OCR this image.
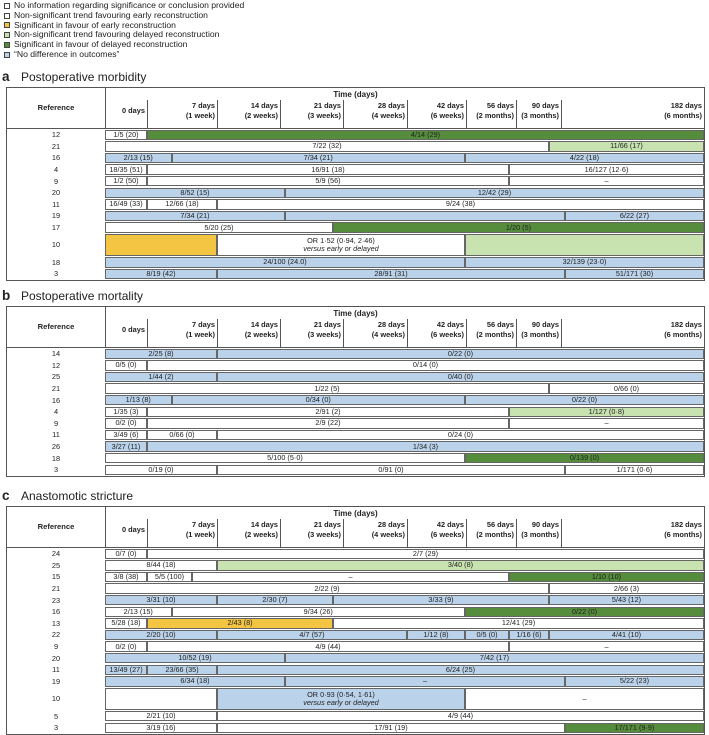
No information regarding significance or conclusion provided
Non-significant trend favouring early reconstruction
Significant in favour of early reconstruction
Non-significant trend favouring delayed reconstruction
Significant in favour of delayed reconstruction
“No difference in outcomes”
a Postoperative morbidity
Time (days)
Reference	0 days
7 days
(1 week)
14 days
(2 weeks)
21 days
(3 weeks)
28 days
(4 weeks)
42 days
(6 weeks)
56 days
(2 months)
90 days
(3 months)
182 days
(6 months)
12	1/5 (20)	4/14 (29)
21	7/22 (32)	11/66 (17)
16	2/13 (15)	7/34 (21)	4/22 (18)
4	18/35 (51)	16/91 (18)	16/127 (12·6)
9	1/2 (50)	5/9 (56)	–
20	8/52 (15)	12/42 (29)
11	16/49 (33)	12/66 (18)	9/24 (38)
19	7/34 (21)	6/22 (27)
17	5/20 (25)	1/20 (5)
10	OR 1·52 (0·94, 2·46)
versus early or delayed
18	24/100 (24.0)	32/139 (23·0)
3	8/19 (42)	28/91 (31)	51/171 (30)
b Postoperative mortality
Time (days)
Reference	0 days
7 days
(1 week)
14 days
(2 weeks)
21 days
(3 weeks)
28 days
(4 weeks)
42 days
(6 weeks)
56 days
(2 months)
90 days
(3 months)
182 days
(6 months)
14	2/25 (8)	0/22 (0)
12	0/5 (0)	0/14 (0)
25	1/44 (2)	0/40 (0)
21	1/22 (5)	0/66 (0)
16	1/13 (8)	0/34 (0)	0/22 (0)
4	1/35 (3)	2/91 (2)	1/127 (0·8)
9	0/2 (0)	2/9 (22)	–
11	3/49 (6)	0/66 (0)	0/24 (0)
26	3/27 (11)	1/34 (3)
18	5/100 (5·0)	0/139 (0)
3	0/19 (0)	0/91 (0)	1/171 (0·6)
c Anastomotic stricture
Time (days)
Reference	0 days
7 days
(1 week)
14 days
(2 weeks)
21 days
(3 weeks)
28 days
(4 weeks)
42 days
(6 weeks)
56 days
(2 months)
90 days
(3 months)
182 days
(6 months)
24	0/7 (0)	2/7 (29)
25	8/44 (18)	3/40 (8)
15	3/8 (38) 5/5 (100)	–	1/10 (10)
21	2/22 (9)	2/66 (3)
23	3/31 (10)	2/30 (7)	3/33 (9)	5/43 (12)
16	2/13 (15)	9/34 (26)	0/22 (0)
13	5/28 (18)	2/43 (8)	12/41 (29)
22	2/20 (10)	4/7 (57)	1/12 (8)	0/5 (0)	1/16 (6)	4/41 (10)
9	0/2 (0)	4/9 (44)	–
20	10/52 (19)	7/42 (17)
11	13/49 (27)	23/66 (35)	6/24 (25)
19	6/34 (18)	–	5/22 (23)
10	OR 0·93 (0·54, 1·61)
versus early or delayed	–
5	2/21 (10)	4/9 (44)
3	3/19 (16)	17/91 (19)	17/171 (9·9)
